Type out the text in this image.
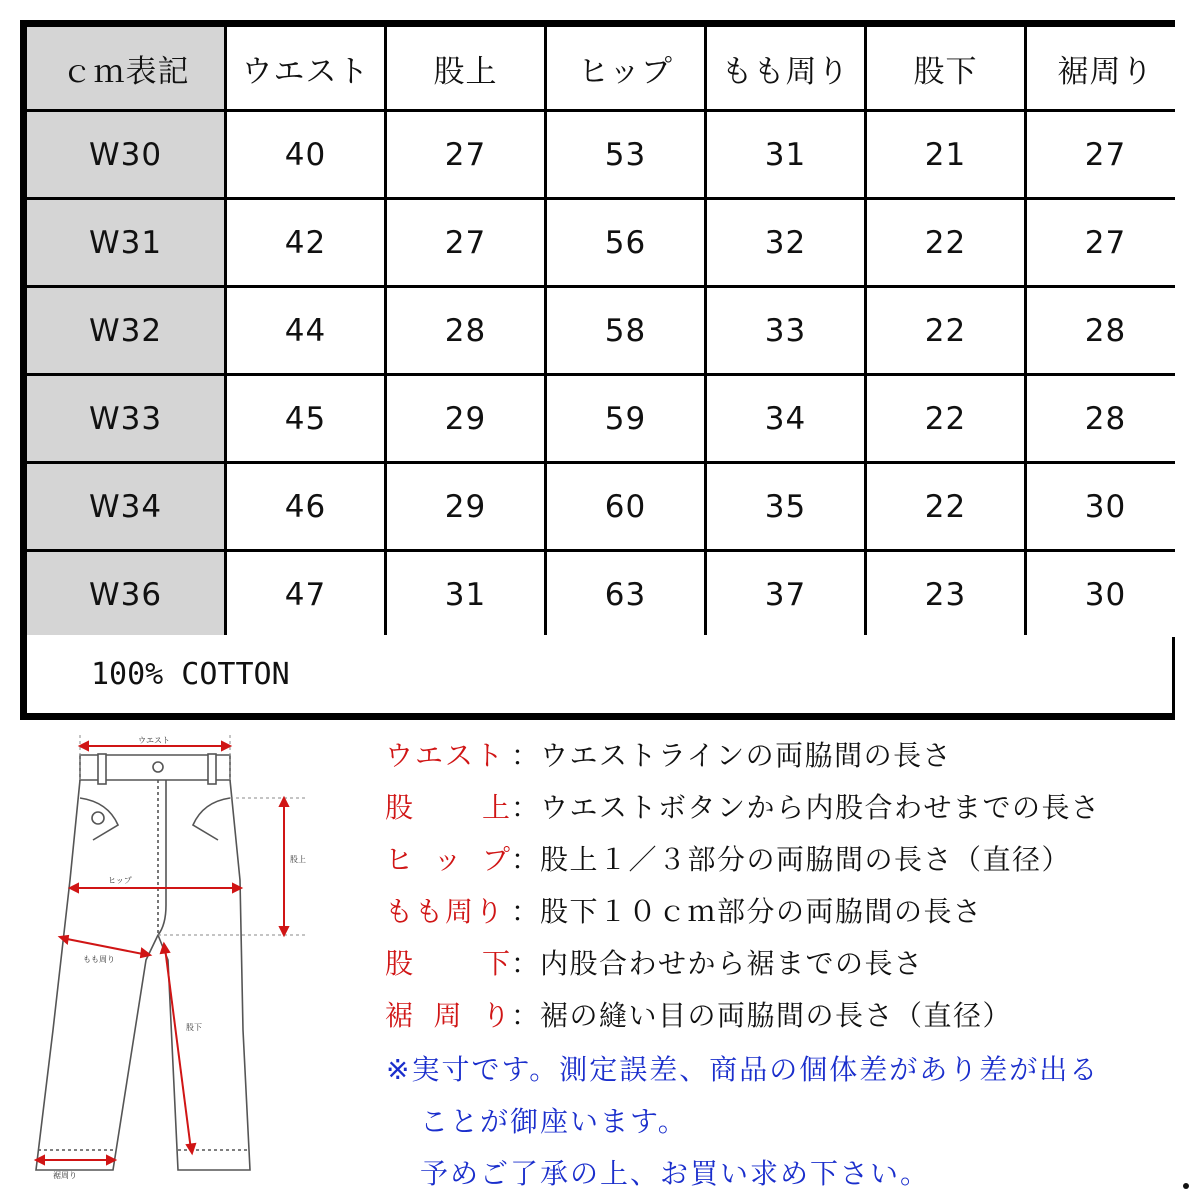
ｃｍ表記	ウエスト	股上	ヒップ	もも周り	股下	裾周り
W30	40	27	53	31	21	27
W31	42	27	56	32	22	27
W32	44	28	58	33	22	28
W33	45	29	59	34	22	28
W34	46	29	60	35	22	30
W36	47	31	63	37	23	30
100% COTTON
ウエスト
股上
ヒップ
もも周り
股下
裾周り
ウエスト ： ウエストラインの両脇間の長さ
股 上 ： ウエストボタンから内股合わせまでの長さ
ヒ ッ プ ： 股上１／３部分の両脇間の長さ（直径）
もも周り ： 股下１０ｃｍ部分の両脇間の長さ
股 下 ： 内股合わせから裾までの長さ
裾 周 り ： 裾の縫い目の両脇間の長さ（直径）
※実寸です。測定誤差、商品の個体差があり差が出る
ことが御座います。
予めご了承の上、お買い求め下さい。
